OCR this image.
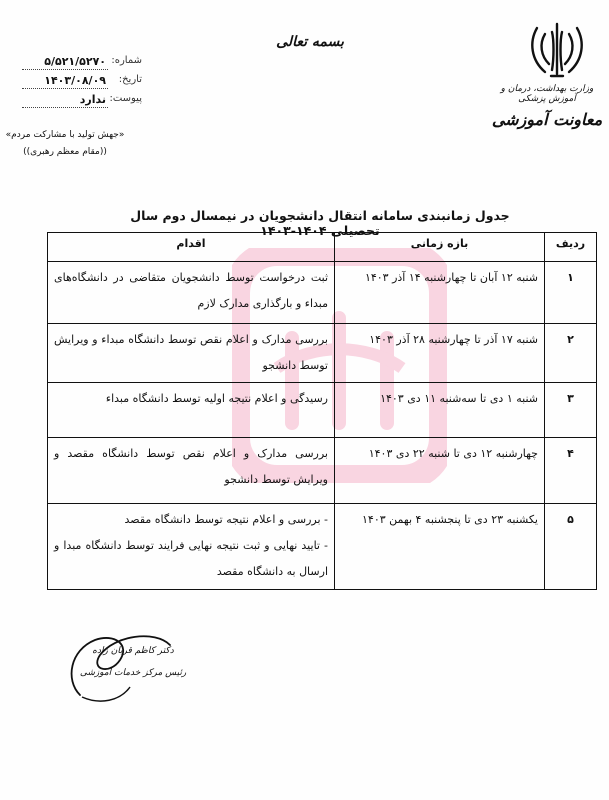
بسمه تعالی
وزارت بهداشت، درمان و آموزش پزشکی
معاونت آموزشی
شماره:
۵/۵۲۱/۵۲۷۰
تاریخ:
۱۴۰۳/۰۸/۰۹
پیوست:
ندارد
«جهش تولید با مشارکت مردم»
((مقام معظم رهبری))
جدول زمانبندی سامانه انتقال دانشجویان در نیمسال دوم سال تحصیلی ۱۴۰۴-۱۴۰۳
ردیف	بازه زمانی	اقدام
۱	شنبه ۱۲ آبان تا چهارشنبه ۱۴ آذر ۱۴۰۳	ثبت درخواست توسط دانشجویان متقاضی در دانشگاه‌های مبداء و بارگذاری مدارک لازم

۲	شنبه ۱۷ آذر تا چهارشنبه ۲۸ آذر ۱۴۰۳	بررسی مدارک و اعلام نقص توسط دانشگاه مبداء و ویرایش توسط دانشجو

۳	شنبه ۱ دی تا سه‌شنبه ۱۱ دی ۱۴۰۳	رسیدگی و اعلام نتیجه اولیه توسط دانشگاه مبداء

۴	چهارشنبه ۱۲ دی تا شنبه ۲۲ دی ۱۴۰۳	بررسی مدارک و اعلام نقص توسط دانشگاه مقصد و ویرایش توسط دانشجو

۵	یکشنبه ۲۳ دی تا پنجشنبه ۴ بهمن ۱۴۰۳	- بررسی و اعلام نتیجه توسط دانشگاه مقصد
- تایید نهایی و ثبت نتیجه نهایی فرایند توسط دانشگاه مبدا و ارسال به دانشگاه مقصد
دکتر کاظم قربان زاده
رئیس مرکز خدمات آموزشی
